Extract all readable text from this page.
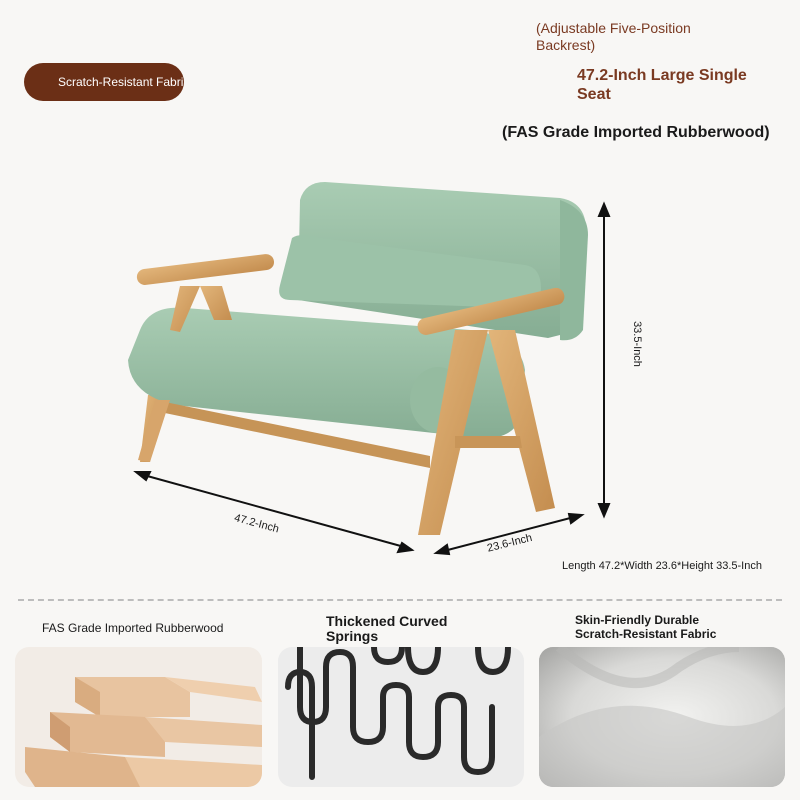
Scratch-Resistant Fabri
(Adjustable Five-Position Backrest)
47.2-Inch Large Single Seat
(FAS Grade Imported Rubberwood)
47.2-Inch
23.6-Inch
33.5-Inch
Length 47.2*Width 23.6*Height 33.5-Inch
FAS Grade Imported Rubberwood	Thickened Curved Springs
Skin-Friendly Durable Scratch-Resistant Fabric
